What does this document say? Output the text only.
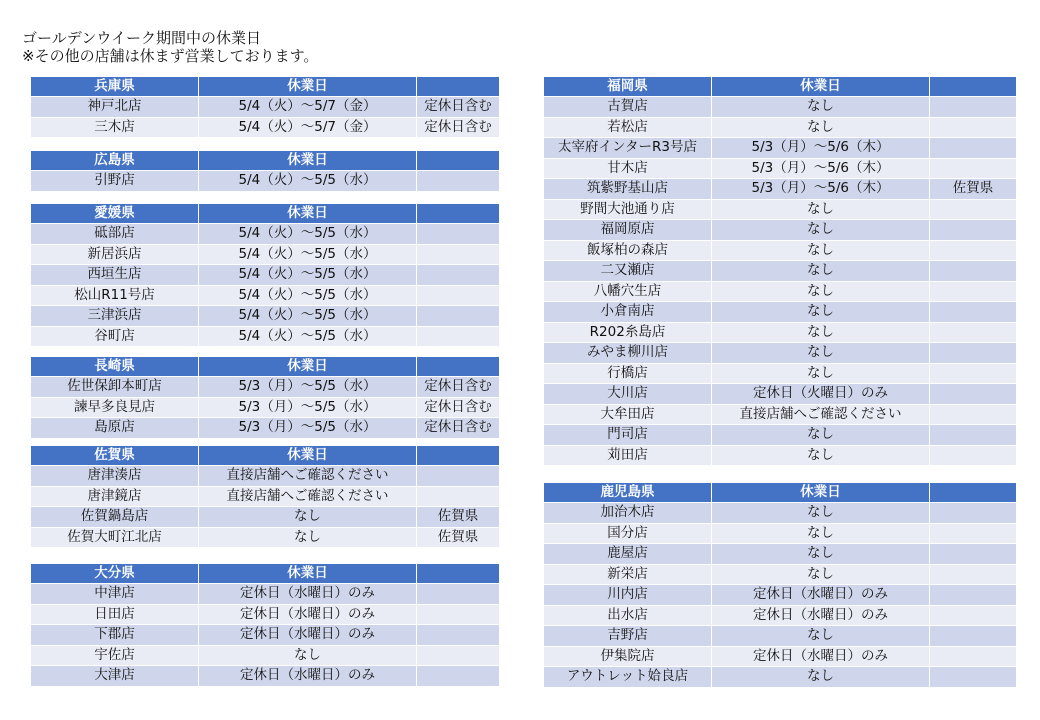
ゴールデンウイーク期間中の休業日
※その他の店舗は休まず営業しております。
兵庫県	休業日	
神戸北店	5/4（火）～5/7（金）	定休日含む
三木店	5/4（火）～5/7（金）	定休日含む
広島県	休業日	
引野店	5/4（火）～5/5（水）	
愛媛県	休業日	
砥部店	5/4（火）～5/5（水）	
新居浜店	5/4（火）～5/5（水）	
西垣生店	5/4（火）～5/5（水）	
松山R11号店	5/4（火）～5/5（水）	
三津浜店	5/4（火）～5/5（水）	
谷町店	5/4（火）～5/5（水）	
長崎県	休業日	
佐世保卸本町店	5/3（月）～5/5（水）	定休日含む
諫早多良見店	5/3（月）～5/5（水）	定休日含む
島原店	5/3（月）～5/5（水）	定休日含む
佐賀県	休業日	
唐津湊店	直接店舗へご確認ください	
唐津鏡店	直接店舗へご確認ください	
佐賀鍋島店	なし	佐賀県
佐賀大町江北店	なし	佐賀県
大分県	休業日	
中津店	定休日（水曜日）のみ	
日田店	定休日（水曜日）のみ	
下郡店	定休日（水曜日）のみ	
宇佐店	なし	
大津店	定休日（水曜日）のみ	
福岡県	休業日	
古賀店	なし	
若松店	なし	
太宰府インターR3号店	5/3（月）～5/6（木）	
甘木店	5/3（月）～5/6（木）	
筑紫野基山店	5/3（月）～5/6（木）	佐賀県
野間大池通り店	なし	
福岡原店	なし	
飯塚柏の森店	なし	
二又瀬店	なし	
八幡穴生店	なし	
小倉南店	なし	
R202糸島店	なし	
みやま柳川店	なし	
行橋店	なし	
大川店	定休日（火曜日）のみ	
大牟田店	直接店舗へご確認ください	
門司店	なし	
苅田店	なし	
鹿児島県	休業日	
加治木店	なし	
国分店	なし	
鹿屋店	なし	
新栄店	なし	
川内店	定休日（水曜日）のみ	
出水店	定休日（水曜日）のみ	
吉野店	なし	
伊集院店	定休日（水曜日）のみ	
アウトレット姶良店	なし	
